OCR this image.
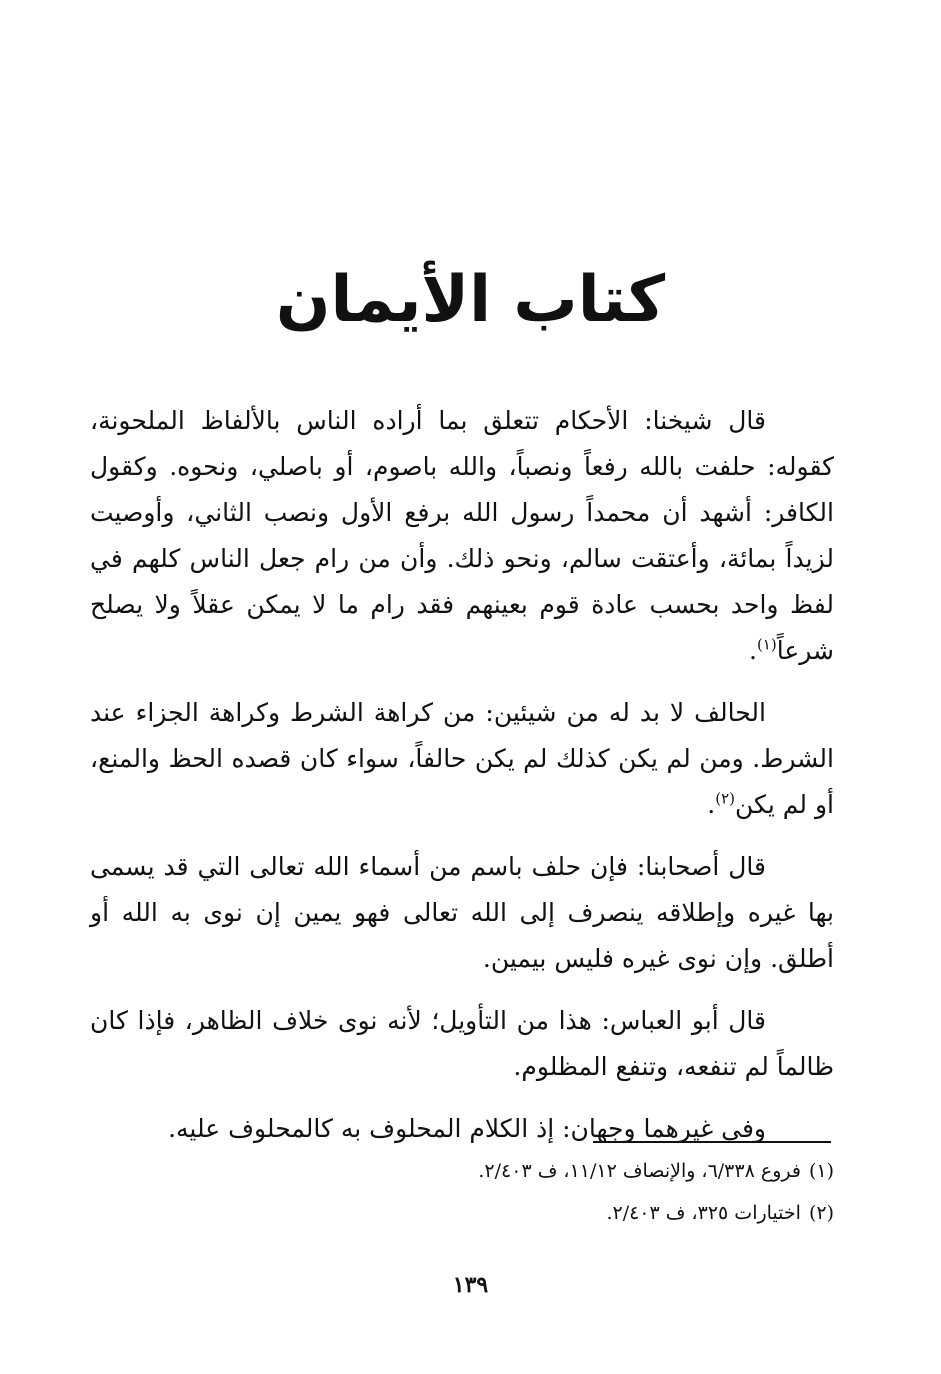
كتاب الأيمان

قال شيخنا: الأحكام تتعلق بما أراده الناس بالألفاظ الملحونة، كقوله: حلفت بالله رفعاً ونصباً، والله باصوم، أو باصلي، ونحوه. وكقول الكافر: أشهد أن محمداً رسول الله برفع الأول ونصب الثاني، وأوصيت لزيداً بمائة، وأعتقت سالم، ونحو ذلك. وأن من رام جعل الناس كلهم في لفظ واحد بحسب عادة قوم بعينهم فقد رام ما لا يمكن عقلاً ولا يصلح شرعاً$^{(١)}$.

الحالف لا بد له من شيئين: من كراهة الشرط وكراهة الجزاء عند الشرط. ومن لم يكن كذلك لم يكن حالفاً، سواء كان قصده الحظ والمنع، أو لم يكن$^{(٢)}$.

قال أصحابنا: فإن حلف باسم من أسماء الله تعالى التي قد يسمى بها غيره وإطلاقه ينصرف إلى الله تعالى فهو يمين إن نوى به الله أو أطلق. وإن نوى غيره فليس بيمين.

قال أبو العباس: هذا من التأويل؛ لأنه نوى خلاف الظاهر، فإذا كان ظالماً لم تنفعه، وتنفع المظلوم.

وفي غيرهما وجهان: إذ الكلام المحلوف به كالمحلوف عليه.

(١)فروع ٦/٣٣٨، والإنصاف ١١/١٢، ف ٢/٤٠٣.
(٢)اختيارات ٣٢٥، ف ٢/٤٠٣.
١٣٩
